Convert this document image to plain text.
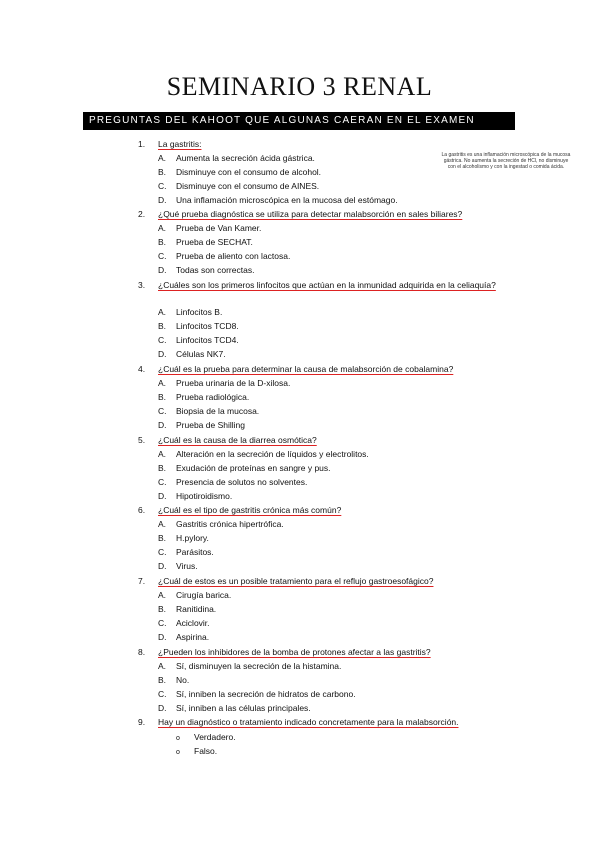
SEMINARIO 3 RENAL
PREGUNTAS DEL KAHOOT QUE ALGUNAS CAERAN EN EL EXAMEN
La gastritis es una inflamación microscópica de la mucosa gástrica. No aumenta la secreción de HCl, no disminuye con el alcoholismo y con la ingestad o comida ácida.
1. La gastritis:
A. Aumenta la secreción ácida gástrica.
B. Disminuye con el consumo de alcohol.
C. Disminuye con el consumo de AINES.
D. Una inflamación microscópica en la mucosa del estómago.
2. ¿Qué prueba diagnóstica se utiliza para detectar malabsorción en sales biliares?
A. Prueba de Van Kamer.
B. Prueba de SECHAT.
C. Prueba de aliento con lactosa.
D. Todas son correctas.
3. ¿Cuáles son los primeros linfocitos que actúan en la inmunidad adquirida en la celiaquía?
A. Linfocitos B.
B. Linfocitos TCD8.
C. Linfocitos TCD4.
D. Células NK7.
4. ¿Cuál es la prueba para determinar la causa de malabsorción de cobalamina?
A. Prueba urinaria de la D-xilosa.
B. Prueba radiológica.
C. Biopsia de la mucosa.
D. Prueba de Shilling
5. ¿Cuál es la causa de la diarrea osmótica?
A. Alteración en la secreción de líquidos y electrolitos.
B. Exudación de proteínas en sangre y pus.
C. Presencia de solutos no solventes.
D. Hipotiroidismo.
6. ¿Cuál es el tipo de gastritis crónica más común?
A. Gastritis crónica hipertrófica.
B. H.pylory.
C. Parásitos.
D. Virus.
7. ¿Cuál de estos es un posible tratamiento para el reflujo gastroesofágico?
A. Cirugía barica.
B. Ranitidina.
C. Aciclovir.
D. Aspirina.
8. ¿Pueden los inhibidores de la bomba de protones afectar a las gastritis?
A. Sí, disminuyen la secreción de la histamina.
B. No.
C. Sí, inniben la secreción de hidratos de carbono.
D. Sí, inniben a las células principales.
9. Hay un diagnóstico o tratamiento indicado concretamente para la malabsorción.
o Verdadero.
o Falso.
